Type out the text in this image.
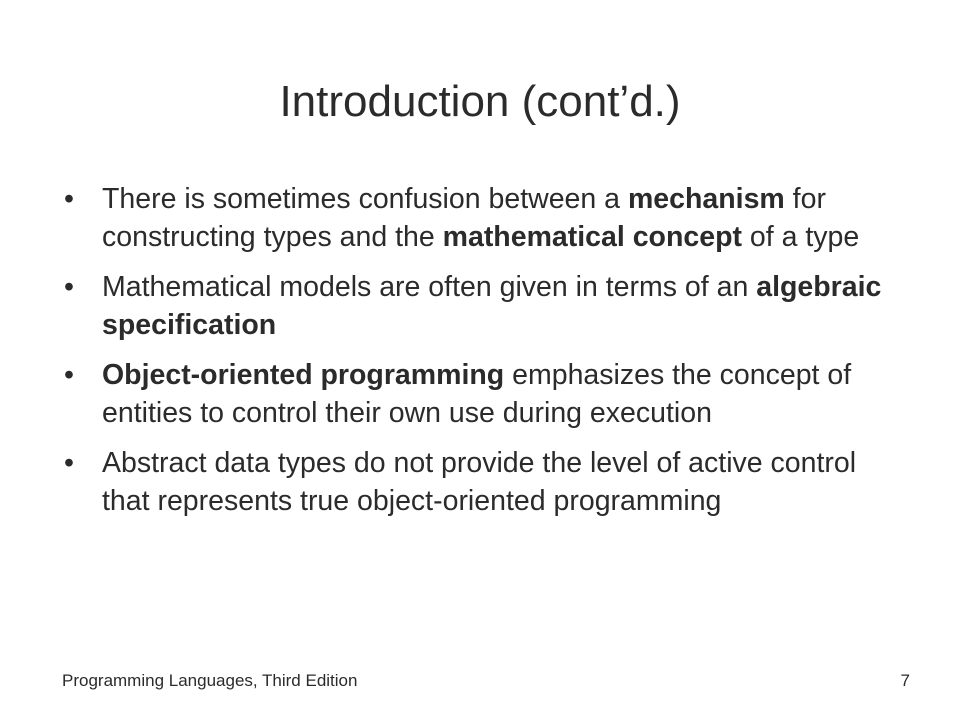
Introduction (cont’d.)
• There is sometimes confusion between a mechanism for constructing types and the mathematical concept of a type
• Mathematical models are often given in terms of an algebraic specification
• Object-oriented programming emphasizes the concept of entities to control their own use during execution
• Abstract data types do not provide the level of active control that represents true object-oriented programming
Programming Languages, Third Edition	7
